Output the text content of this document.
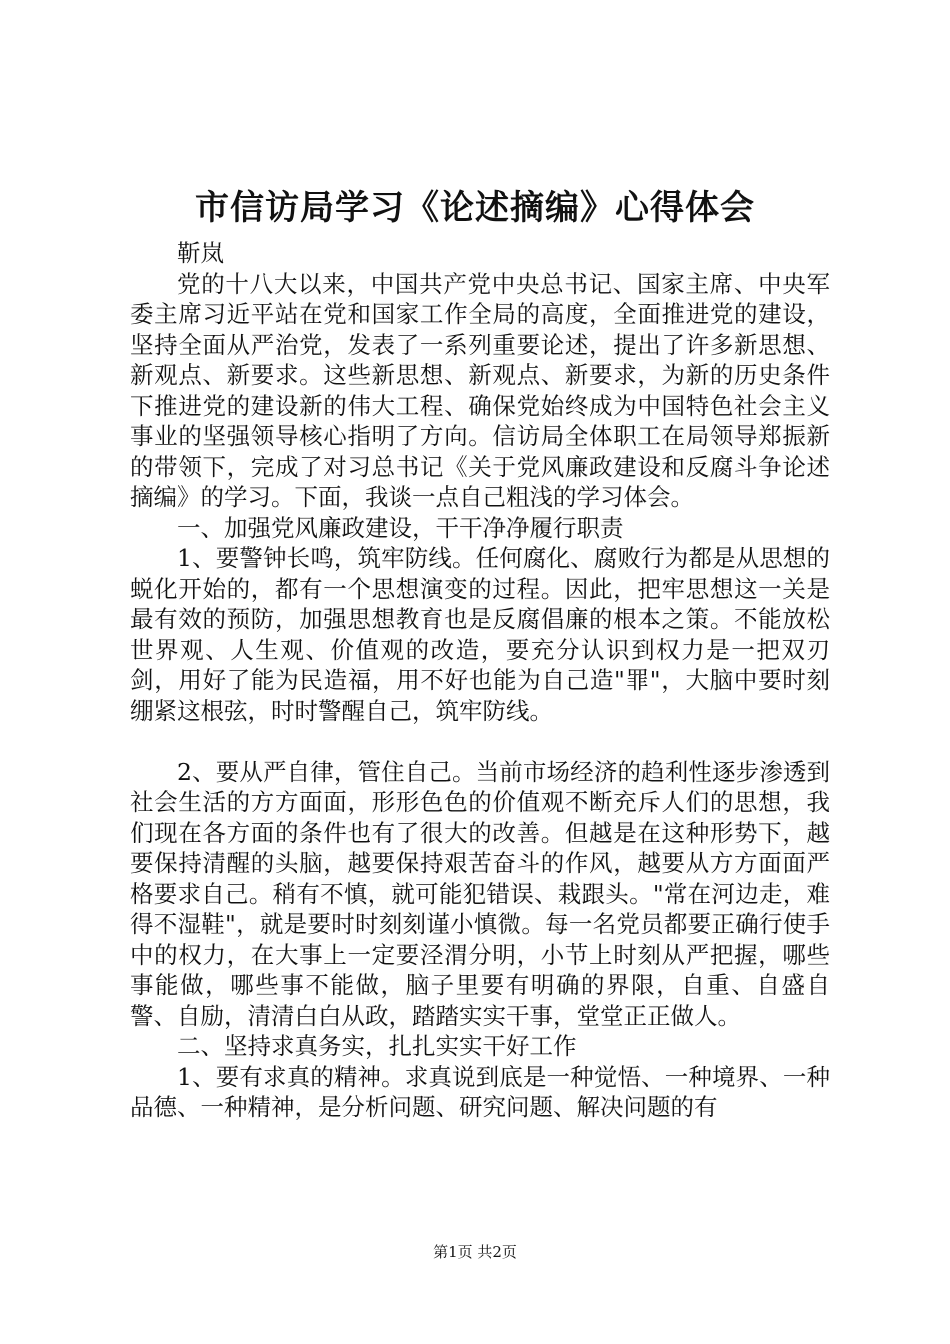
市信访局学习《论述摘编》心得体会

靳岚

党的十八大以来，中国共产党中央总书记、国家主席、中央军委主席习近平站在党和国家工作全局的高度，全面推进党的建设，坚持全面从严治党，发表了一系列重要论述，提出了许多新思想、新观点、新要求。这些新思想、新观点、新要求，为新的历史条件下推进党的建设新的伟大工程、确保党始终成为中国特色社会主义事业的坚强领导核心指明了方向。信访局全体职工在局领导郑振新的带领下，完成了对习总书记《关于党风廉政建设和反腐斗争论述摘编》的学习。下面，我谈一点自己粗浅的学习体会。

一、加强党风廉政建设，干干净净履行职责

1、要警钟长鸣，筑牢防线。任何腐化、腐败行为都是从思想的蜕化开始的，都有一个思想演变的过程。因此，把牢思想这一关是最有效的预防，加强思想教育也是反腐倡廉的根本之策。不能放松世界观、人生观、价值观的改造，要充分认识到权力是一把双刃剑，用好了能为民造福，用不好也能为自己造"罪"，大脑中要时刻绷紧这根弦，时时警醒自己，筑牢防线。

2、要从严自律，管住自己。当前市场经济的趋利性逐步渗透到社会生活的方方面面，形形色色的价值观不断充斥人们的思想，我们现在各方面的条件也有了很大的改善。但越是在这种形势下，越要保持清醒的头脑，越要保持艰苦奋斗的作风，越要从方方面面严格要求自己。稍有不慎，就可能犯错误、栽跟头。"常在河边走，难得不湿鞋"，就是要时时刻刻谨小慎微。每一名党员都要正确行使手中的权力，在大事上一定要泾渭分明，小节上时刻从严把握，哪些事能做，哪些事不能做，脑子里要有明确的界限，自重、自盛自警、自励，清清白白从政，踏踏实实干事，堂堂正正做人。

二、坚持求真务实，扎扎实实干好工作

1、要有求真的精神。求真说到底是一种觉悟、一种境界、一种品德、一种精神，是分析问题、研究问题、解决问题的有

第1页 共2页
